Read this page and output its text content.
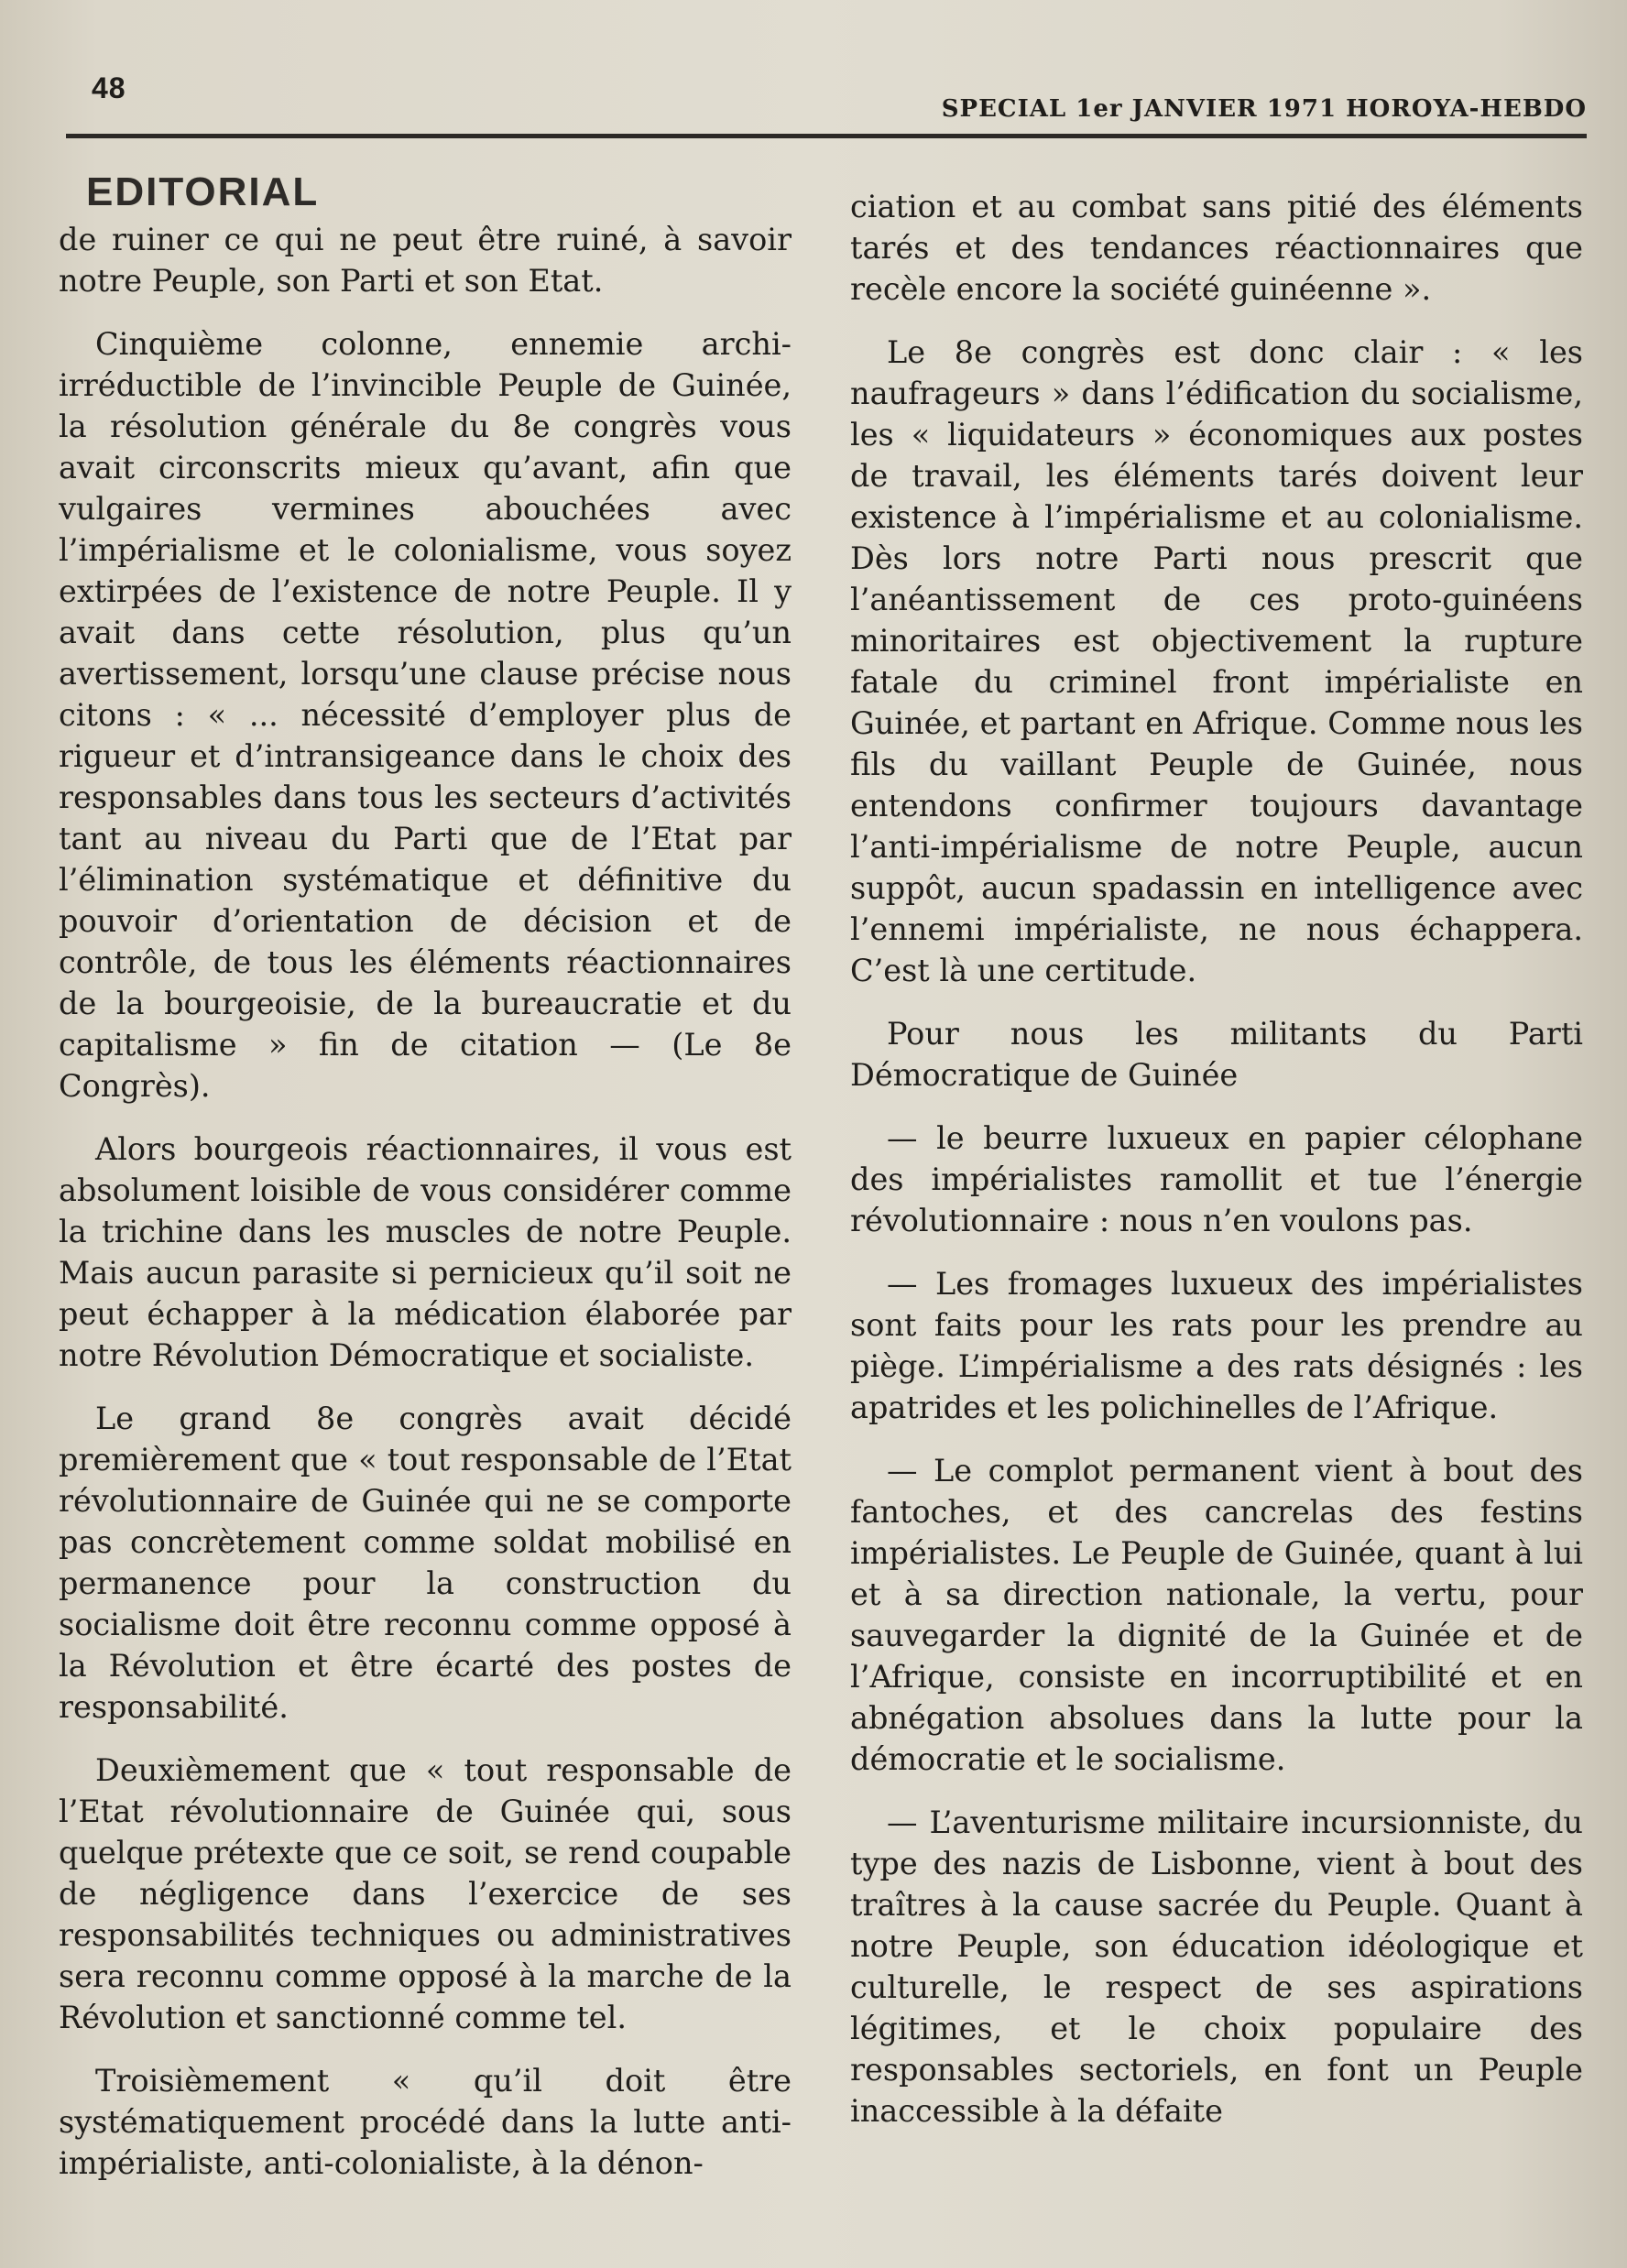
48
SPECIAL 1er JANVIER 1971 HOROYA-HEBDO
EDITORIAL

de ruiner ce qui ne peut être ruiné, à savoir notre Peuple, son Parti et son Etat.

Cinquième colonne, ennemie archi-irréductible de l’invincible Peuple de Guinée, la résolution générale du 8e congrès vous avait circonscrits mieux qu’avant, afin que vulgaires vermines abouchées avec l’impérialisme et le colonialisme, vous soyez extirpées de l’existence de notre Peuple. Il y avait dans cette résolution, plus qu’un avertissement, lorsqu’une clause précise nous citons : « ... nécessité d’employer plus de rigueur et d’intransigeance dans le choix des responsables dans tous les secteurs d’activités tant au niveau du Parti que de l’Etat par l’élimination systématique et définitive du pouvoir d’orientation de décision et de contrôle, de tous les éléments réactionnaires de la bourgeoisie, de la bureaucratie et du capitalisme » fin de citation — (Le 8e Congrès).

Alors bourgeois réactionnaires, il vous est absolument loisible de vous considérer comme la trichine dans les muscles de notre Peuple. Mais aucun parasite si pernicieux qu’il soit ne peut échapper à la médication élaborée par notre Révolution Démocratique et socialiste.

Le grand 8e congrès avait décidé premièrement que « tout responsable de l’Etat révolutionnaire de Guinée qui ne se comporte pas concrètement comme soldat mobilisé en permanence pour la construction du socialisme doit être reconnu comme opposé à la Révolution et être écarté des postes de responsabilité.

Deuxièmement que « tout responsable de l’Etat révolutionnaire de Guinée qui, sous quelque prétexte que ce soit, se rend coupable de négligence dans l’exercice de ses responsabilités techniques ou administratives sera reconnu comme opposé à la marche de la Révolution et sanctionné comme tel.

Troisièmement « qu’il doit être systématiquement procédé dans la lutte anti-impérialiste, anti-colonialiste, à la dénon-

ciation et au combat sans pitié des éléments tarés et des tendances réactionnaires que recèle encore la société guinéenne ».

Le 8e congrès est donc clair : « les naufrageurs » dans l’édification du socialisme, les « liquidateurs » économiques aux postes de travail, les éléments tarés doivent leur existence à l’impérialisme et au colonialisme. Dès lors notre Parti nous prescrit que l’anéantissement de ces proto-guinéens minoritaires est objectivement la rupture fatale du criminel front impérialiste en Guinée, et partant en Afrique. Comme nous les fils du vaillant Peuple de Guinée, nous entendons confirmer toujours davantage l’anti-impérialisme de notre Peuple, aucun suppôt, aucun spadassin en intelligence avec l’ennemi impérialiste, ne nous échappera. C’est là une certitude.

Pour nous les militants du Parti Démocratique de Guinée

— le beurre luxueux en papier célophane des impérialistes ramollit et tue l’énergie révolutionnaire : nous n’en voulons pas.

— Les fromages luxueux des impérialistes sont faits pour les rats pour les prendre au piège. L’impérialisme a des rats désignés : les apatrides et les polichinelles de l’Afrique.

— Le complot permanent vient à bout des fantoches, et des cancrelas des festins impérialistes. Le Peuple de Guinée, quant à lui et à sa direction nationale, la vertu, pour sauvegarder la dignité de la Guinée et de l’Afrique, consiste en incorruptibilité et en abnégation absolues dans la lutte pour la démocratie et le socialisme.

— L’aventurisme militaire incursionniste, du type des nazis de Lisbonne, vient à bout des traîtres à la cause sacrée du Peuple. Quant à notre Peuple, son éducation idéologique et culturelle, le respect de ses aspirations légitimes, et le choix populaire des responsables sectoriels, en font un Peuple inaccessible à la défaite
